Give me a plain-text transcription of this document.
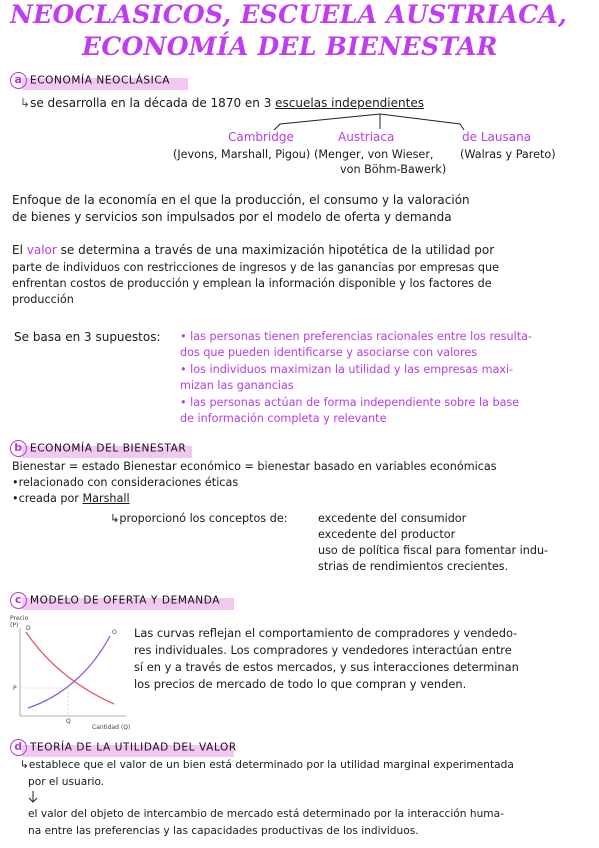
NEOCLASICOS, ESCUELA AUSTRIACA,
ECONOMÍA DEL BIENESTAR
a ECONOMÍA NEOCLÁSICA
↳se desarrolla en la década de 1870 en 3 escuelas independientes
Cambridge	Austriaca	de Lausana
(Jevons, Marshall, Pigou) (Menger, von Wieser,
von Böhm-Bawerk)
(Walras y Pareto)
Enfoque de la economía en el que la producción, el consumo y la valoración
de bienes y servicios son impulsados por el modelo de oferta y demanda
El valor se determina a través de una maximización hipotética de la utilidad por
parte de individuos con restricciones de ingresos y de las ganancias por empresas que
enfrentan costos de producción y emplean la información disponible y los factores de
producción
Se basa en 3 supuestos: • las personas tienen preferencias racionales entre los resulta-
dos que pueden identificarse y asociarse con valores
• los individuos maximizan la utilidad y las empresas maxi-
mizan las ganancias
• las personas actúan de forma independiente sobre la base
de información completa y relevante
b ECONOMÍA DEL BIENESTAR
Bienestar = estado Bienestar económico = bienestar basado en variables económicas
•relacionado con consideraciones éticas
•creada por Marshall
↳proporcionó los conceptos de:	excedente del consumidor
excedente del productor
uso de política fiscal para fomentar indu-
strias de rendimientos crecientes.
c MODELO DE OFERTA Y DEMANDA
Precio
(P) D
O
P
Q
Cantidad (Q)
Las curvas reflejan el comportamiento de compradores y vendedo-
res individuales. Los compradores y vendedores interactúan entre
sí en y a través de estos mercados, y sus interacciones determinan
los precios de mercado de todo lo que compran y venden.
d TEORÍA DE LA UTILIDAD DEL VALOR
↳establece que el valor de un bien está determinado por la utilidad marginal experimentada
por el usuario.
el valor del objeto de intercambio de mercado está determinado por la interacción huma-
na entre las preferencias y las capacidades productivas de los individuos.
